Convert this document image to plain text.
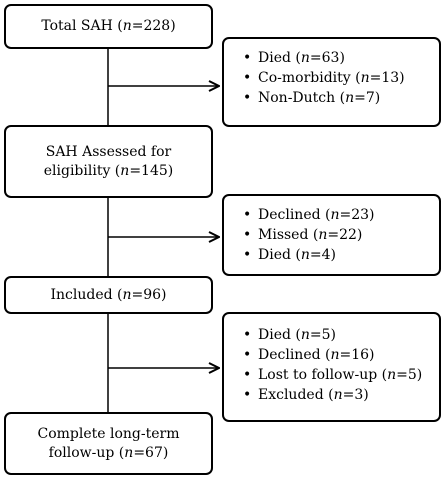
Total SAH (n=228)
SAH Assessed for
eligibility (n=145)
Included (n=96)
Complete long-term
follow-up (n=67)
• Died (n=63)
• Co-morbidity (n=13)
• Non-Dutch (n=7)
• Declined (n=23)
• Missed (n=22)
• Died (n=4)
• Died (n=5)
• Declined (n=16)
• Lost to follow-up (n=5)
• Excluded (n=3)
